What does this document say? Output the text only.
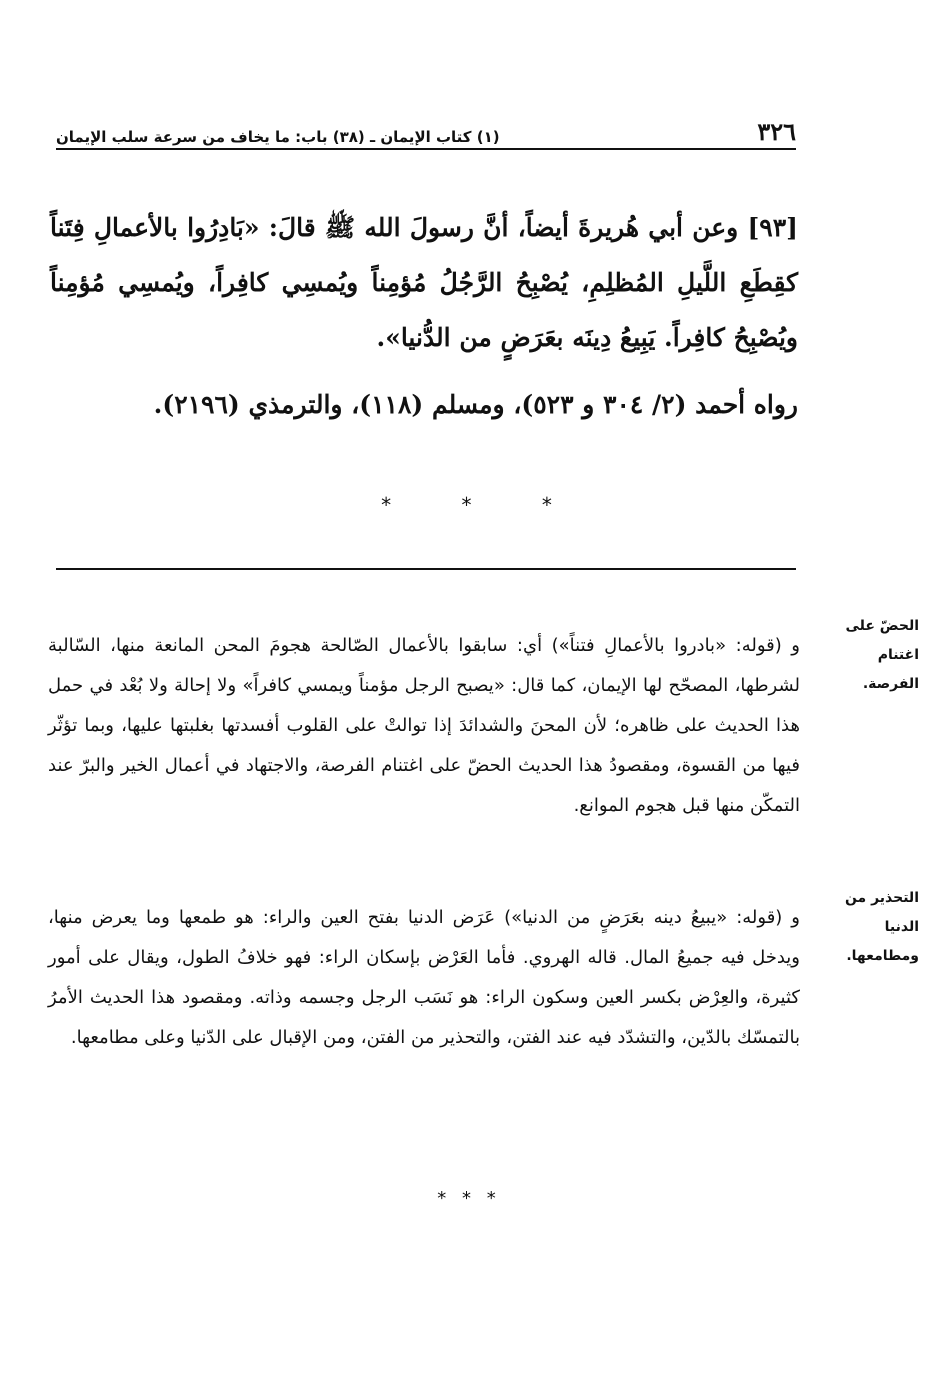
٣٢٦
(١) كتاب الإيمان ـ (٣٨) باب: ما يخاف من سرعة سلب الإيمان

[٩٣] وعن أبي هُريرةَ أيضاً، أنَّ رسولَ الله ﷺ قالَ: «بَادِرُوا بالأعمالِ فِتَناً كقِطَعِ اللَّيلِ المُظلِمِ، يُصْبِحُ الرَّجُلُ مُؤمِناً ويُمسِي كافِراً، ويُمسِي مُؤمِناً ويُصْبِحُ كافِراً. يَبِيعُ دِينَه بعَرَضٍ من الدُّنيا».

رواه أحمد (٢/ ٣٠٤ و ٥٢٣)، ومسلم (١١٨)، والترمذي (٢١٩٦).

*	*	*
الحضّ على اغتنام الفرصة.

و (قوله: «بادروا بالأعمالِ فتناً») أي: سابقوا بالأعمال الصّالحة هجومَ المحن المانعة منها، السّالبة لشرطها، المصحّح لها الإيمان، كما قال: «يصبح الرجل مؤمناً ويمسي كافراً» ولا إحالة ولا بُعْد في حمل هذا الحديث على ظاهره؛ لأن المحنَ والشدائدَ إذا توالتْ على القلوب أفسدتها بغلبتها عليها، وبما تؤثّر فيها من القسوة، ومقصودُ هذا الحديث الحضّ على اغتنام الفرصة، والاجتهاد في أعمال الخير والبرّ عند التمكّن منها قبل هجوم الموانع.

التحذير من الدنيا ومطامعها.

و (قوله: «يبيعُ دينه بعَرَضٍ من الدنيا») عَرَض الدنيا بفتح العين والراء: هو طمعها وما يعرض منها، ويدخل فيه جميعُ المال. قاله الهروي. فأما العَرْض بإسكان الراء: فهو خلافُ الطول، ويقال على أمور كثيرة، والعِرْض بكسر العين وسكون الراء: هو نَسَب الرجل وجسمه وذاته. ومقصود هذا الحديث الأمرُ بالتمسّك بالدّين، والتشدّد فيه عند الفتن، والتحذير من الفتن، ومن الإقبال على الدّنيا وعلى مطامعها.

* * *
